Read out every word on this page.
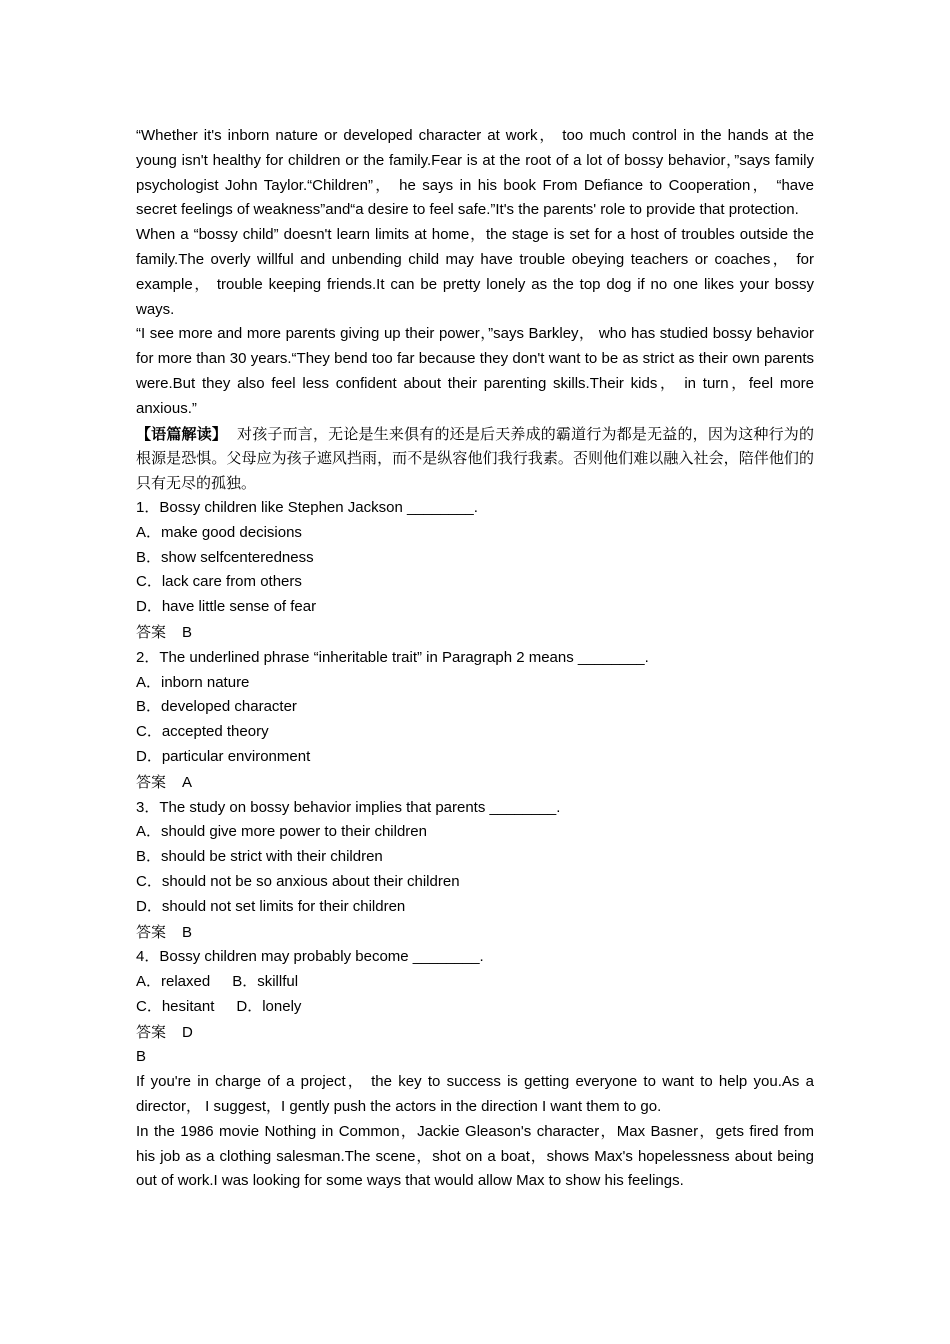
“Whether it's inborn nature or developed character at work， too much control in the hands at the young isn't healthy for children or the family.Fear is at the root of a lot of bossy behavior，”says family psychologist John Taylor.“Children”， he says in his book From Defiance to Cooperation， “have secret feelings of weakness”and“a desire to feel safe.”It's the parents' role to provide that protection.

When a “bossy child” doesn't learn limits at home，the stage is set for a host of troubles outside the family.The overly willful and unbending child may have trouble obeying teachers or coaches， for example， trouble keeping friends.It can be pretty lonely as the top dog if no one likes your bossy ways.

“I see more and more parents giving up their power，”says Barkley， who has studied bossy behavior for more than 30 years.“They bend too far because they don't want to be as strict as their own parents were.But they also feel less confident about their parenting skills.Their kids， in turn，feel more anxious.”

【语篇解读】 对孩子而言，无论是生来俱有的还是后天养成的霸道行为都是无益的，因为这种行为的根源是恐惧。父母应为孩子遮风挡雨，而不是纵容他们我行我素。否则他们难以融入社会，陪伴他们的只有无尽的孤独。

1．Bossy children like Stephen Jackson ________.

A．make good decisions

B．show selfcenteredness

C．lack care from others

D．have little sense of fear

答案 B

2．The underlined phrase “inheritable trait” in Paragraph 2 means ________.

A．inborn nature

B．developed character

C．accepted theory

D．particular environment

答案 A

3．The study on bossy behavior implies that parents ________.

A．should give more power to their children

B．should be strict with their children

C．should not be so anxious about their children

D．should not set limits for their children

答案 B

4．Bossy children may probably become ________.

A．relaxed B．skillful

C．hesitant D．lonely

答案 D

B

If you're in charge of a project， the key to success is getting everyone to want to help you.As a director， I suggest，I gently push the actors in the direction I want them to go.

In the 1986 movie Nothing in Common，Jackie Gleason's character，Max Basner，gets fired from his job as a clothing salesman.The scene，shot on a boat，shows Max's hopelessness about being out of work.I was looking for some ways that would allow Max to show his feelings.
